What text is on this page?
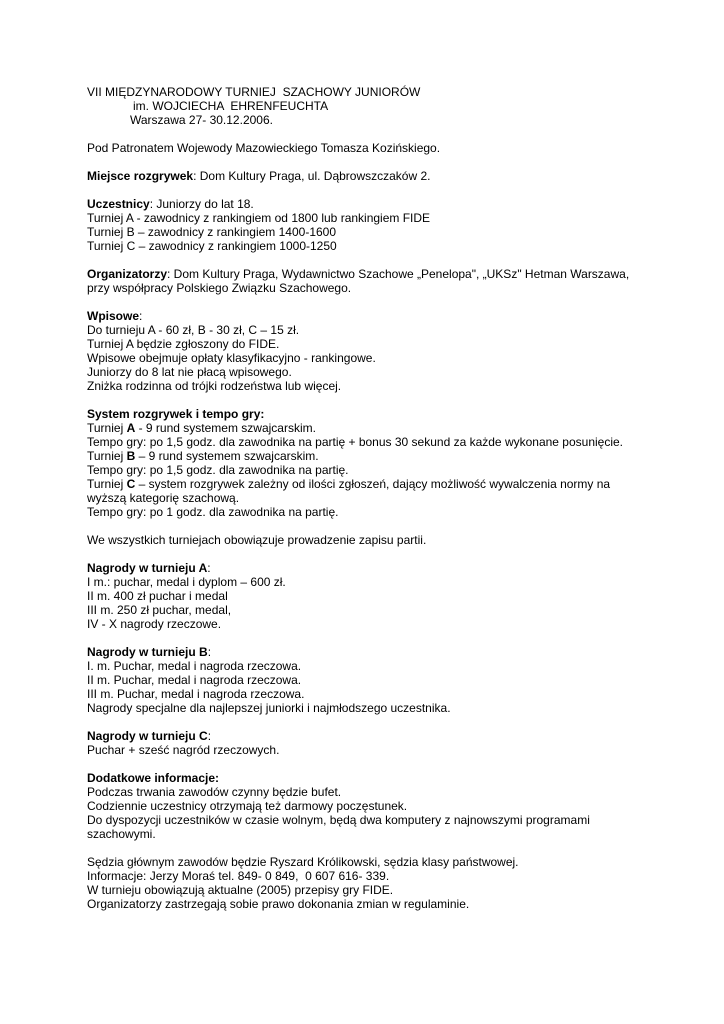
VII MIĘDZYNARODOWY TURNIEJ  SZACHOWY JUNIORÓW
im. WOJCIECHA  EHRENFEUCHTA
Warszawa 27- 30.12.2006.
Pod Patronatem Wojewody Mazowieckiego Tomasza Kozińskiego.
Miejsce rozgrywek: Dom Kultury Praga, ul. Dąbrowszczaków 2.
Uczestnicy: Juniorzy do lat 18.
Turniej A - zawodnicy z rankingiem od 1800 lub rankingiem FIDE
Turniej B – zawodnicy z rankingiem 1400-1600
Turniej C – zawodnicy z rankingiem 1000-1250
Organizatorzy: Dom Kultury Praga, Wydawnictwo Szachowe „Penelopa", „UKSz" Hetman Warszawa, przy współpracy Polskiego Związku Szachowego.
Wpisowe:
Do turnieju A - 60 zł, B - 30 zł, C – 15 zł.
Turniej A będzie zgłoszony do FIDE.
Wpisowe obejmuje opłaty klasyfikacyjno - rankingowe.
Juniorzy do 8 lat nie płacą wpisowego.
Zniżka rodzinna od trójki rodzeństwa lub więcej.
System rozgrywek i tempo gry:
Turniej A - 9 rund systemem szwajcarskim.
Tempo gry: po 1,5 godz. dla zawodnika na partię + bonus 30 sekund za każde wykonane posunięcie.
Turniej B – 9 rund systemem szwajcarskim.
Tempo gry: po 1,5 godz. dla zawodnika na partię.
Turniej C – system rozgrywek zależny od ilości zgłoszeń, dający możliwość wywalczenia normy na wyższą kategorię szachową.
Tempo gry: po 1 godz. dla zawodnika na partię.
We wszystkich turniejach obowiązuje prowadzenie zapisu partii.
Nagrody w turnieju A:
I m.: puchar, medal i dyplom – 600 zł.
II m. 400 zł puchar i medal
III m. 250 zł puchar, medal,
IV - X nagrody rzeczowe.
Nagrody w turnieju B:
I. m. Puchar, medal i nagroda rzeczowa.
II m. Puchar, medal i nagroda rzeczowa.
III m. Puchar, medal i nagroda rzeczowa.
Nagrody specjalne dla najlepszej juniorki i najmłodszego uczestnika.
Nagrody w turnieju C:
Puchar + sześć nagród rzeczowych.
Dodatkowe informacje:
Podczas trwania zawodów czynny będzie bufet.
Codziennie uczestnicy otrzymają też darmowy poczęstunek.
Do dyspozycji uczestników w czasie wolnym, będą dwa komputery z najnowszymi programami
szachowymi.
Sędzia głównym zawodów będzie Ryszard Królikowski, sędzia klasy państwowej.
Informacje: Jerzy Moraś tel. 849- 0 849,  0 607 616- 339.
W turnieju obowiązują aktualne (2005) przepisy gry FIDE.
Organizatorzy zastrzegają sobie prawo dokonania zmian w regulaminie.
